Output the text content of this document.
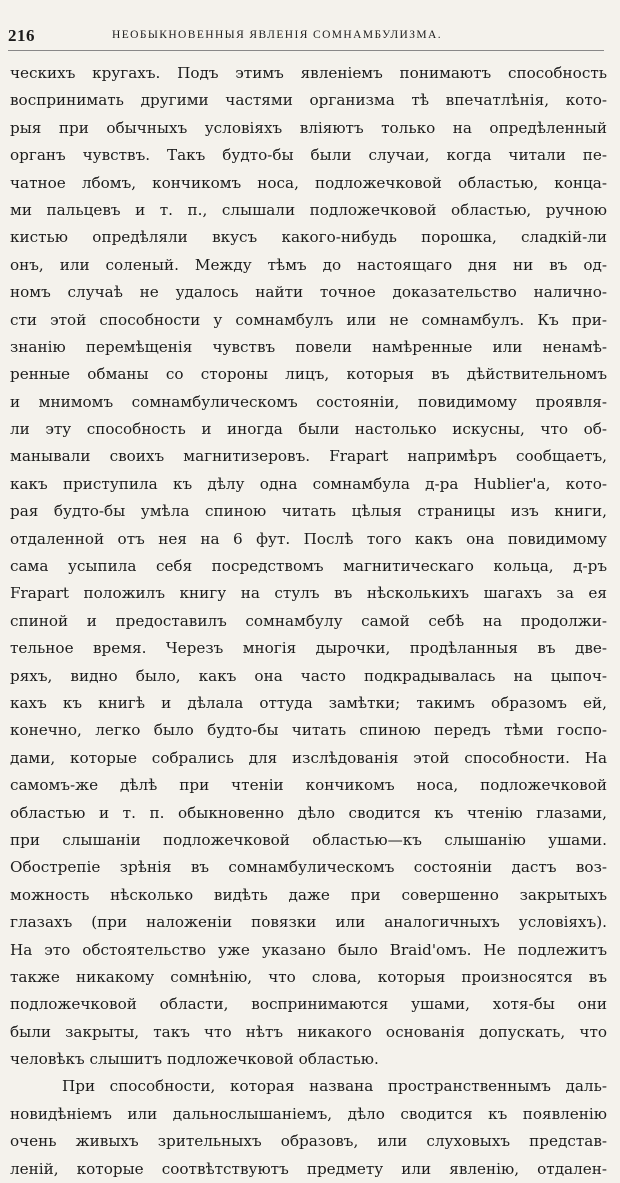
216	НЕОБЫКНОВЕННЫЯ ЯВЛЕНIЯ СОМНАМБУЛИЗМА.
ческихъ кругахъ. Подъ этимъ явленiемъ понимаютъ способность
воспринимать другими частями организма тѣ впечатлѣнiя, кото-
рыя при обычныхъ условiяхъ влiяютъ только на опредѣленный
органъ чувствъ. Такъ будто-бы были случаи, когда читали пе-
чатное лбомъ, кончикомъ носа, подложечковой областью, конца-
ми пальцевъ и т. п., слышали подложечковой областью, ручною
кистью опредѣляли вкусъ какого-нибудь порошка, сладкiй-ли
онъ, или соленый. Между тѣмъ до настоящаго дня ни въ од-
номъ случаѣ не удалось найти точное доказательство налично-
сти этой способности у сомнамбулъ или не сомнамбулъ. Къ при-
знанiю перемѣщенiя чувствъ повели намѣренные или ненамѣ-
ренные обманы со стороны лицъ, которыя въ дѣйствительномъ
и мнимомъ сомнамбулическомъ состоянiи, повидимому проявля-
ли эту способность и иногда были настолько искусны, что об-
манывали своихъ магнитизеровъ. Frapart напримѣръ сообщаетъ,
какъ приступила къ дѣлу одна сомнамбула д-ра Hublier'a, кото-
рая будто-бы умѣла спиною читать цѣлыя страницы изъ книги,
отдаленной отъ нея на 6 фут. Послѣ того какъ она повидимому
сама усыпила себя посредствомъ магнитическаго кольца, д-ръ
Frapart положилъ книгу на стулъ въ нѣсколькихъ шагахъ за ея
спиной и предоставилъ сомнамбулу самой себѣ на продолжи-
тельное время. Черезъ многiя дырочки, продѣланныя въ две-
ряхъ, видно было, какъ она часто подкрадывалась на цыпоч-
кахъ къ книгѣ и дѣлала оттуда замѣтки; такимъ образомъ ей,
конечно, легко было будто-бы читать спиною передъ тѣми госпо-
дами, которые собрались для изслѣдованiя этой способности. На
самомъ-же дѣлѣ при чтенiи кончикомъ носа, подложечковой
областью и т. п. обыкновенно дѣло сводится къ чтенiю глазами,
при слышанiи подложечковой областью—къ слышанiю ушами.
Обострепiе зрѣнiя въ сомнамбулическомъ состоянiи дастъ воз-
можность нѣсколько видѣть даже при совершенно закрытыхъ
глазахъ (при наложенiи повязки или аналогичныхъ условiяхъ).
На это обстоятельство уже указано было Braid'омъ. Не подлежитъ
также никакому сомнѣнiю, что слова, которыя произносятся въ
подложечковой области, воспринимаются ушами, хотя-бы они
были закрыты, такъ что нѣтъ никакого основанiя допускать, что
человѣкъ слышитъ подложечковой областью.
При способности, которая названа пространственнымъ даль-
новидѣнiемъ или дальнослышанiемъ, дѣло сводится къ появленiю
очень живыхъ зрительныхъ образовъ, или слуховыхъ представ-
ленiй, которые соотвѣтствуютъ предмету или явленiю, отдален-
